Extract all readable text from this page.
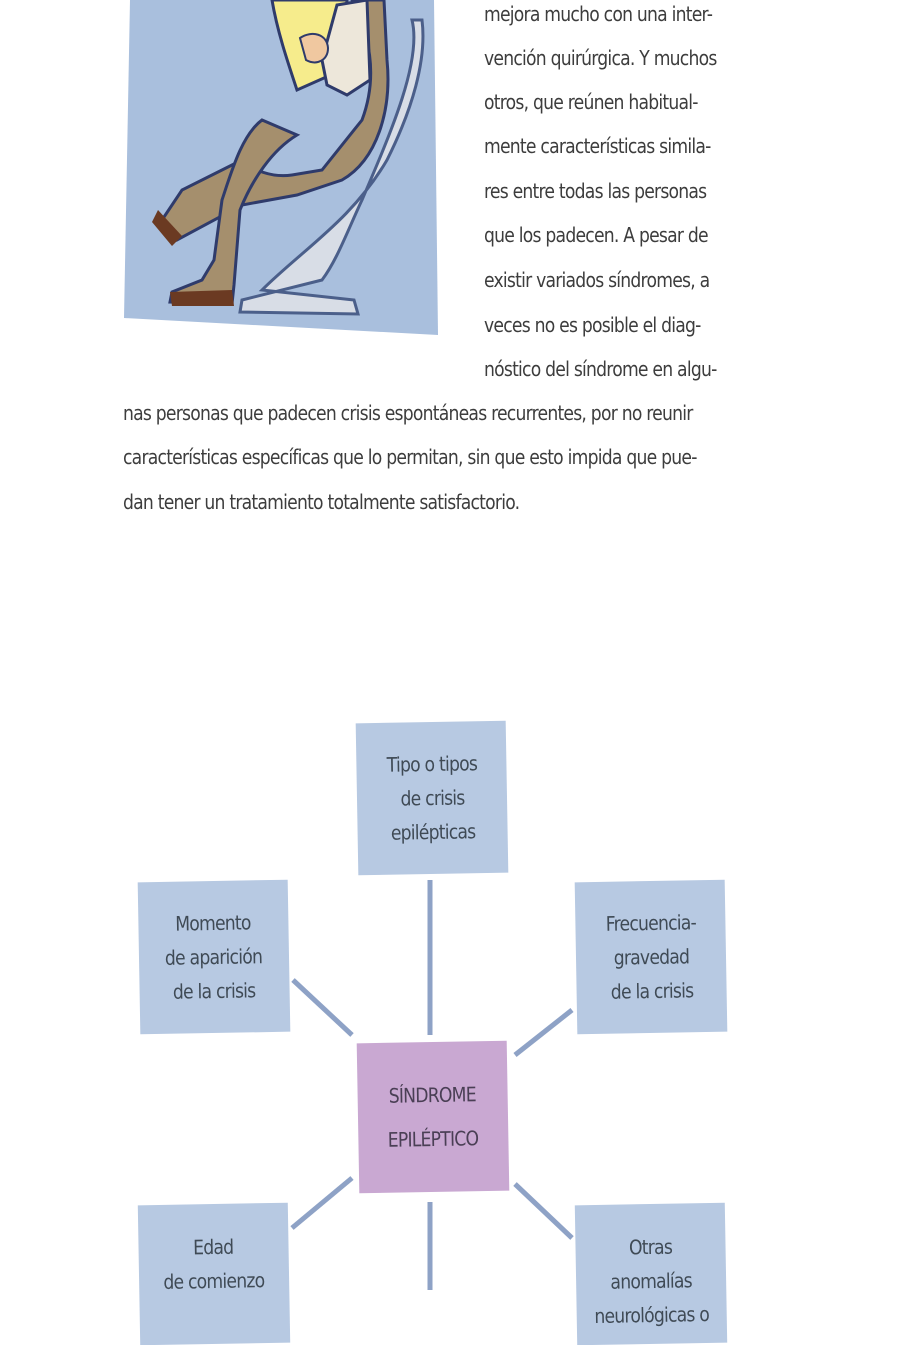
mejora mucho con una inter-
vención quirúrgica. Y muchos
otros, que reúnen habitual-
mente características simila-
res entre todas las personas
que los padecen. A pesar de
existir variados síndromes, a
veces no es posible el diag-
nóstico del síndrome en algu-
nas personas que padecen crisis espontáneas recurrentes, por no reunir
características específicas que lo permitan, sin que esto impida que pue-
dan tener un tratamiento totalmente satisfactorio.
Tipo o tipos
de crisis
epilépticas
Momento
de aparición
de la crisis
Frecuencia-
gravedad
de la crisis
SÍNDROME
EPILÉPTICO
Edad
de comienzo
Otras anomalías
neurológicas o
